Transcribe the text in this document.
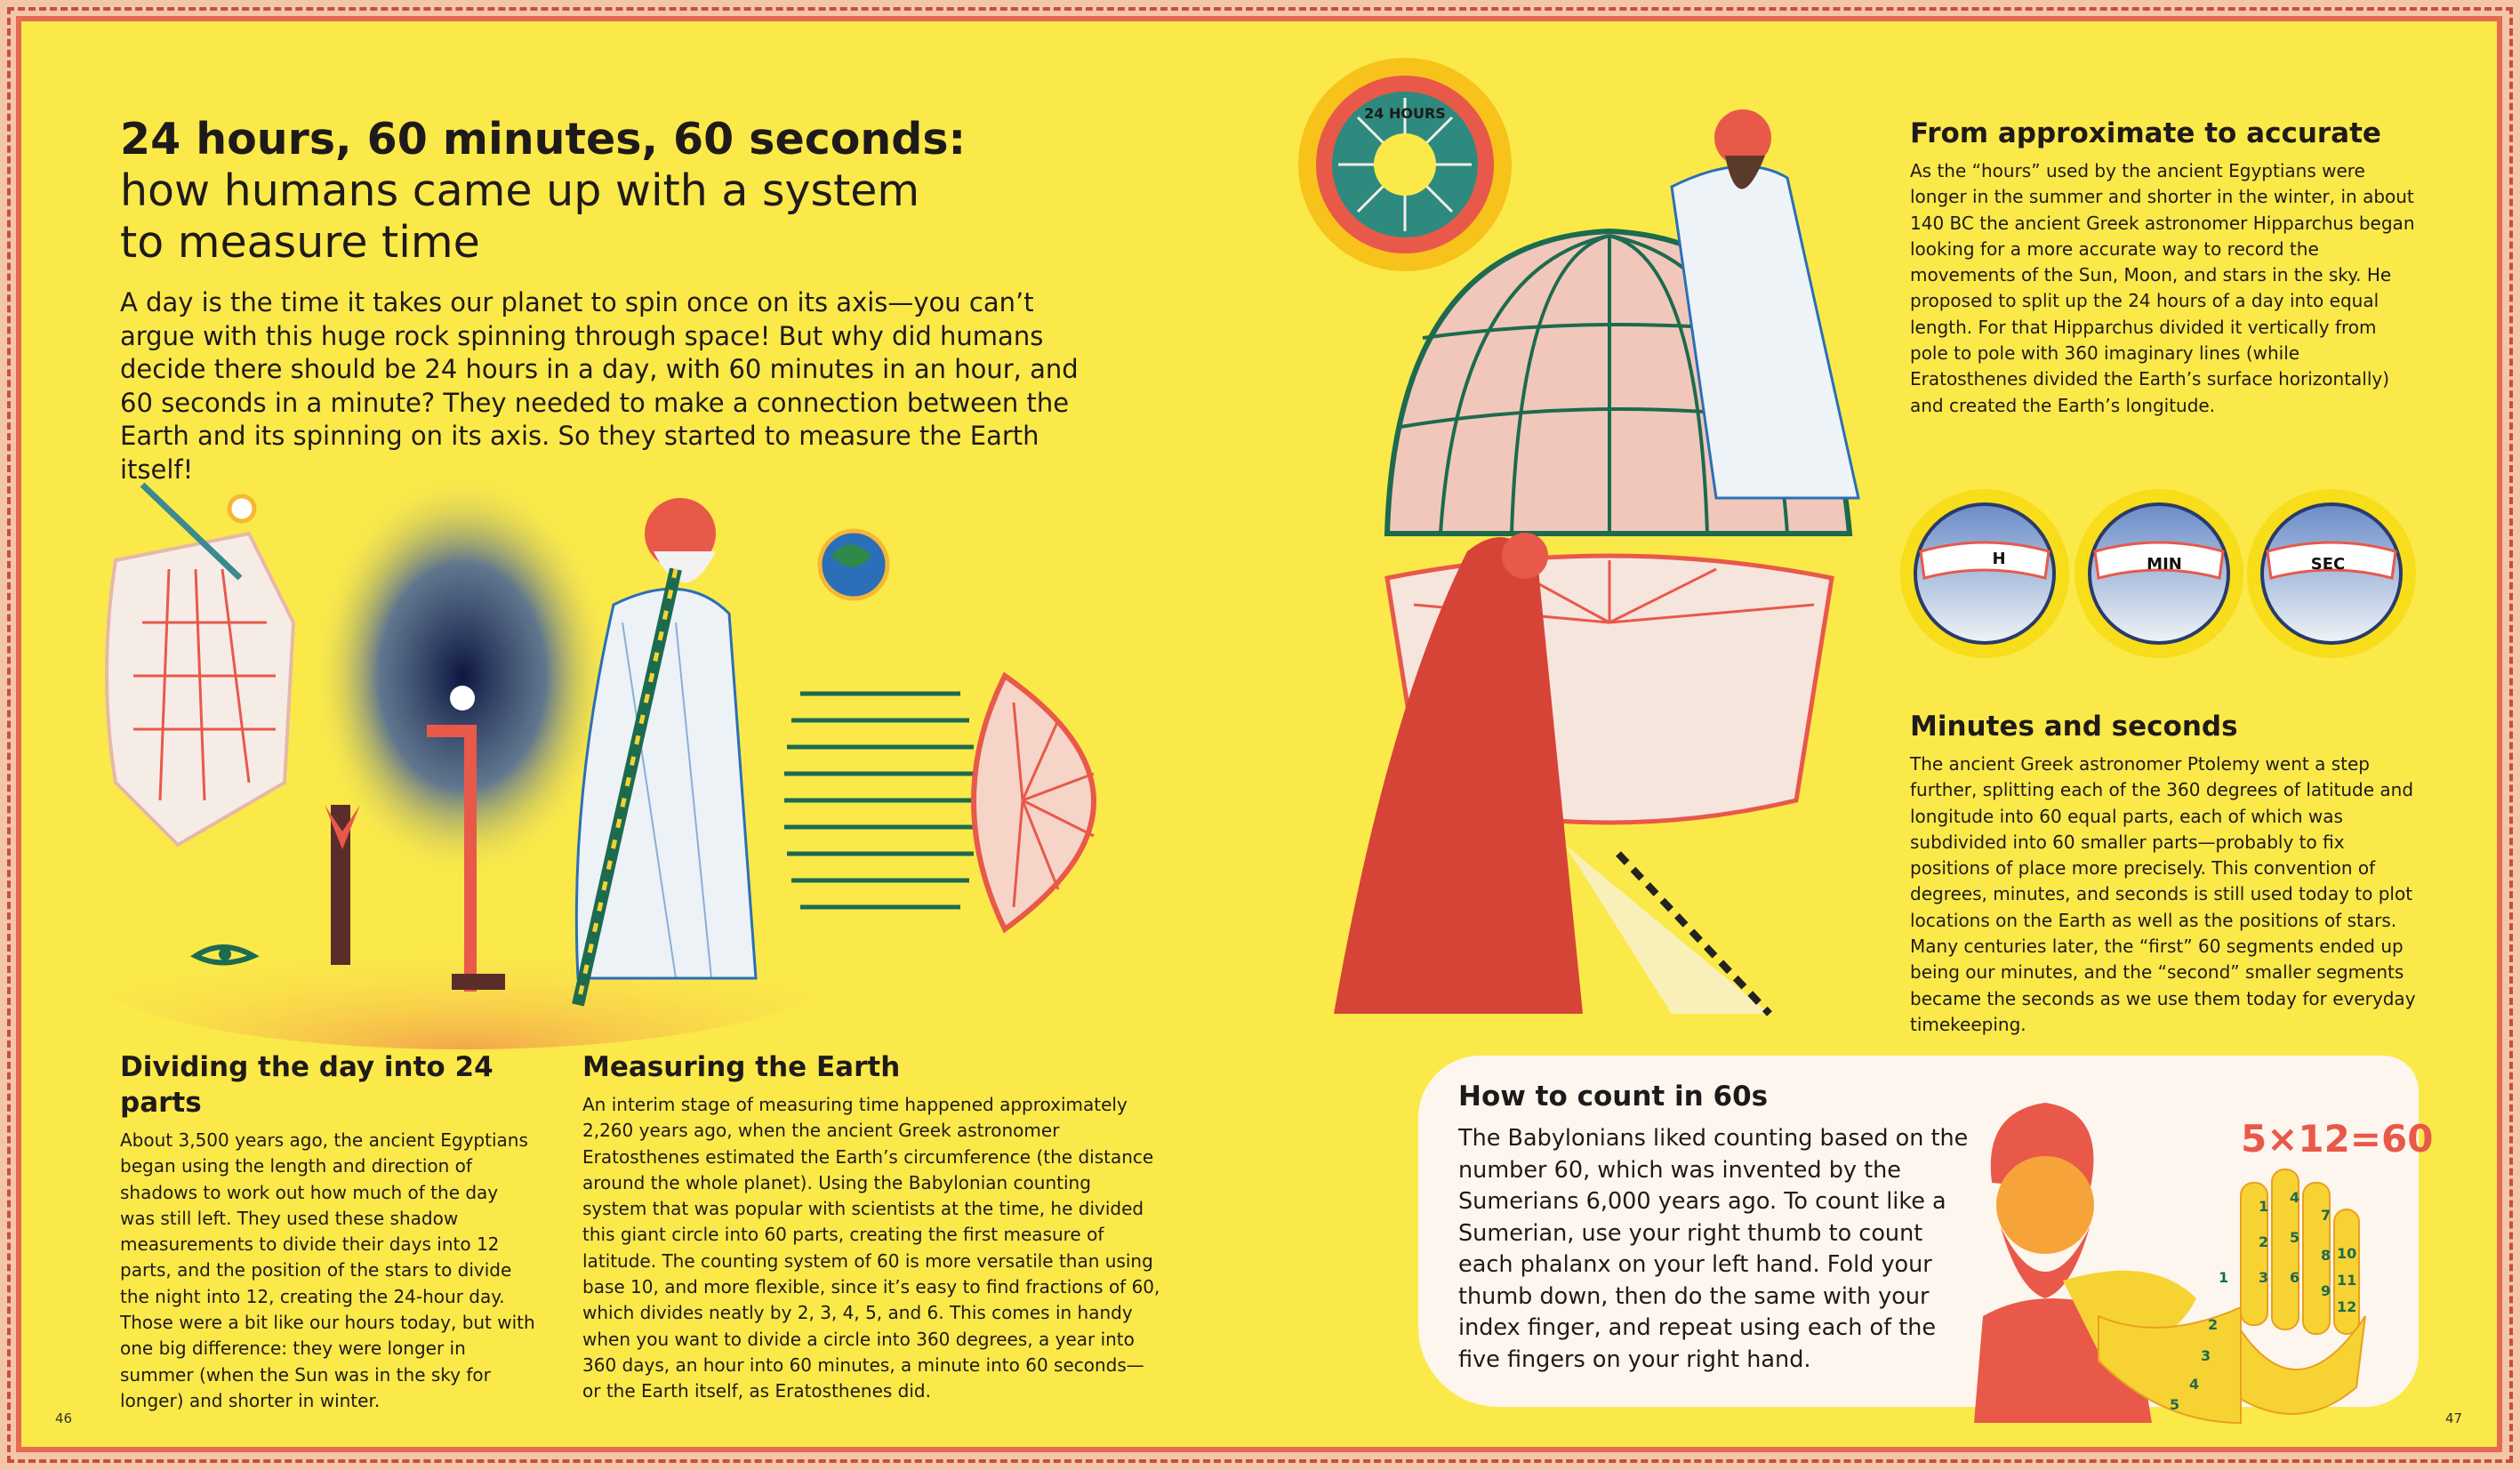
24 HOURS
H	MIN	SEC
5×12=60
1
2
3
4
5
6
7
8
9
10
11
12
1
2
3
4
5
24 hours, 60 minutes, 60 seconds:
how humans came up with a system
to measure time
A day is the time it takes our planet to spin once on its axis—you can’t argue with this huge rock spinning through space! But why did humans decide there should be 24 hours in a day, with 60 minutes in an hour, and 60 seconds in a minute? They needed to make a connection between the Earth and its spinning on its axis. So they started to measure the Earth itself!
Dividing the day into 24 parts
About 3,500 years ago, the ancient Egyptians began using the length and direction of shadows to work out how much of the day was still left. They used these shadow measurements to divide their days into 12 parts, and the position of the stars to divide the night into 12, creating the 24-hour day. Those were a bit like our hours today, but with one big difference: they were longer in summer (when the Sun was in the sky for longer) and shorter in winter.
Measuring the Earth
An interim stage of measuring time happened approximately 2,260 years ago, when the ancient Greek astronomer Eratosthenes estimated the Earth’s circumference (the distance around the whole planet). Using the Babylonian counting system that was popular with scientists at the time, he divided this giant circle into 60 parts, creating the first measure of latitude. The counting system of 60 is more versatile than using base 10, and more flexible, since it’s easy to find fractions of 60, which divides neatly by 2, 3, 4, 5, and 6. This comes in handy when you want to divide a circle into 360 degrees, a year into 360 days, an hour into 60 minutes, a minute into 60 seconds—or the Earth itself, as Eratosthenes did.
From approximate to accurate
As the “hours” used by the ancient Egyptians were longer in the summer and shorter in the winter, in about 140 BC the ancient Greek astronomer Hipparchus began looking for a more accurate way to record the movements of the Sun, Moon, and stars in the sky. He proposed to split up the 24 hours of a day into equal length. For that Hipparchus divided it vertically from pole to pole with 360 imaginary lines (while Eratosthenes divided the Earth’s surface horizontally) and created the Earth’s longitude.
Minutes and seconds
The ancient Greek astronomer Ptolemy went a step further, splitting each of the 360 degrees of latitude and longitude into 60 equal parts, each of which was subdivided into 60 smaller parts—probably to fix positions of place more precisely. This convention of degrees, minutes, and seconds is still used today to plot locations on the Earth as well as the positions of stars. Many centuries later, the “first” 60 segments ended up being our minutes, and the “second” smaller segments became the seconds as we use them today for everyday timekeeping.
How to count in 60s
The Babylonians liked counting based on the number 60, which was invented by the Sumerians 6,000 years ago. To count like a Sumerian, use your right thumb to count each phalanx on your left hand. Fold your thumb down, then do the same with your index finger, and repeat using each of the five fingers on your right hand.
46	47
